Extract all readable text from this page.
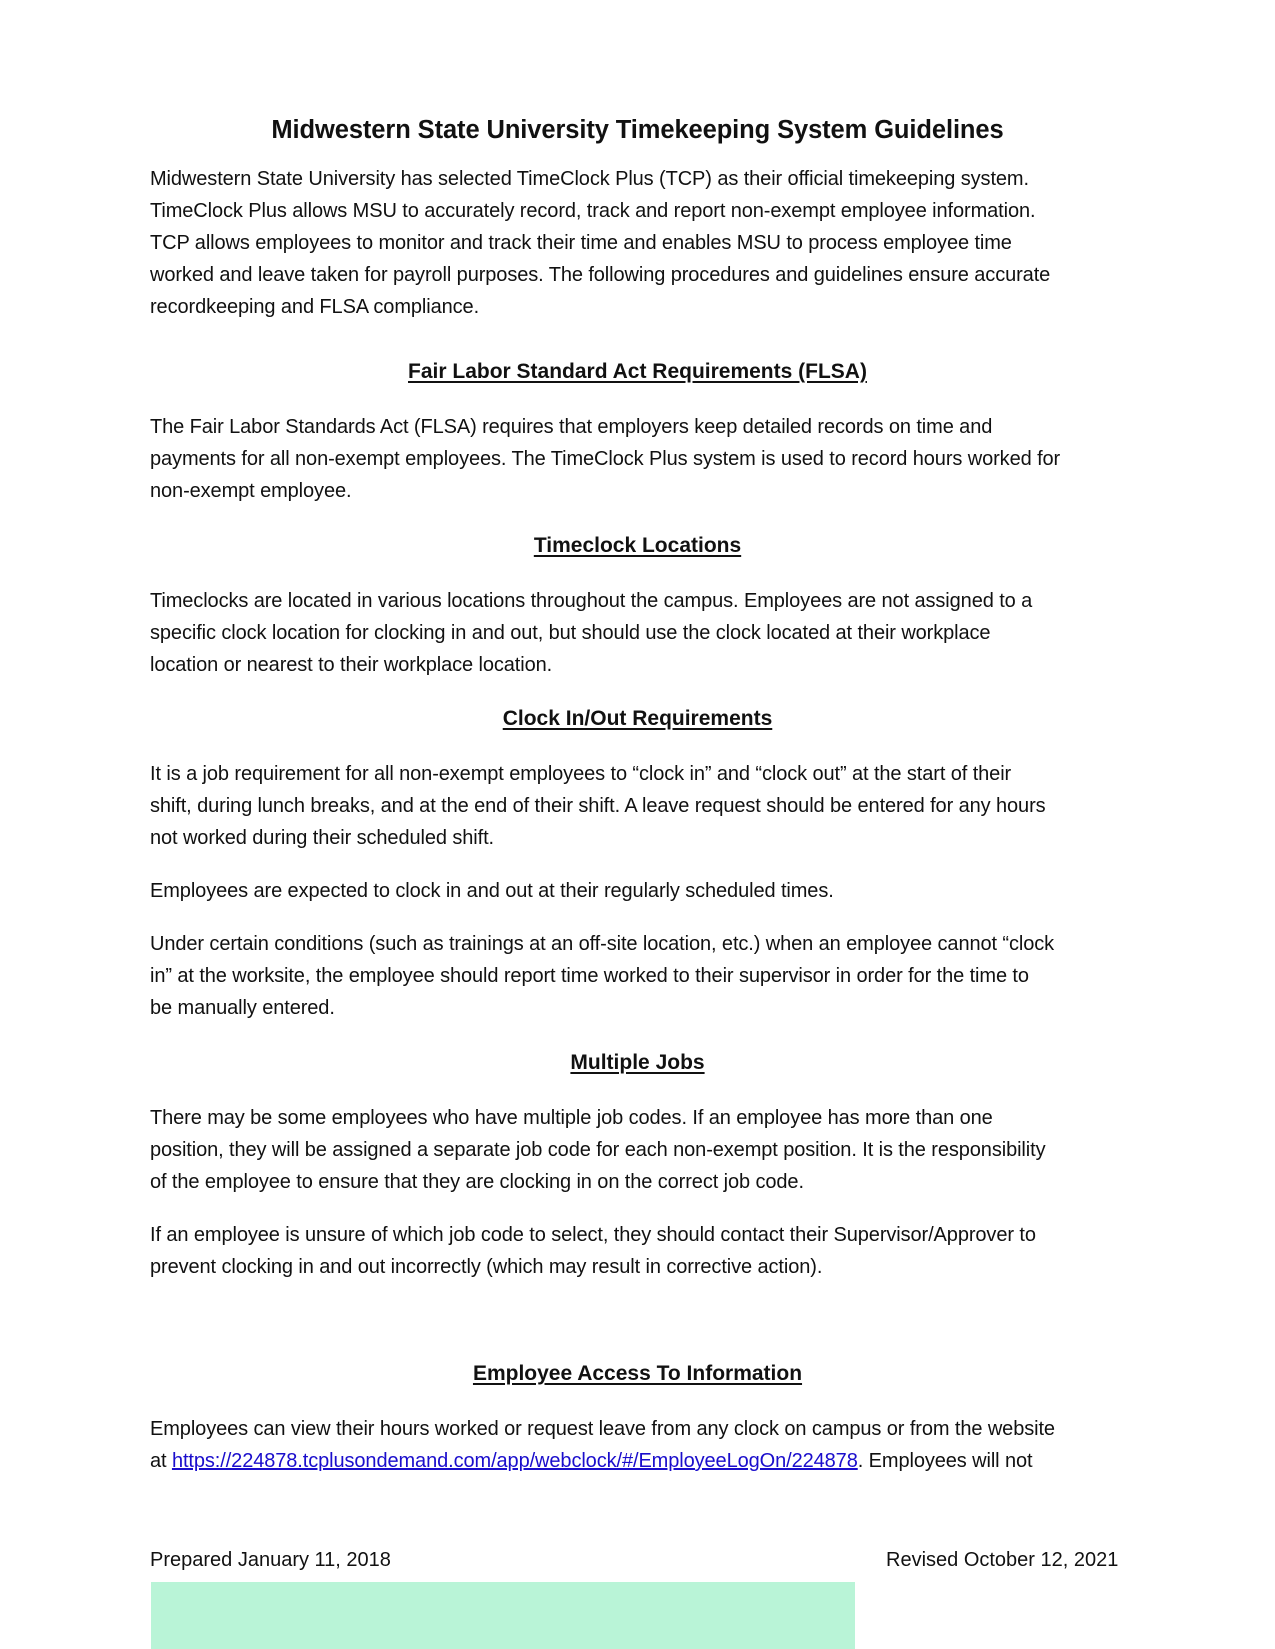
Midwestern State University Timekeeping System Guidelines
Midwestern State University has selected TimeClock Plus (TCP) as their official timekeeping system.
TimeClock Plus allows MSU to accurately record, track and report non-exempt employee information.
TCP allows employees to monitor and track their time and enables MSU to process employee time
worked and leave taken for payroll purposes. The following procedures and guidelines ensure accurate
recordkeeping and FLSA compliance.
Fair Labor Standard Act Requirements (FLSA)
The Fair Labor Standards Act (FLSA) requires that employers keep detailed records on time and
payments for all non-exempt employees. The TimeClock Plus system is used to record hours worked for
non-exempt employee.
Timeclock Locations
Timeclocks are located in various locations throughout the campus. Employees are not assigned to a
specific clock location for clocking in and out, but should use the clock located at their workplace
location or nearest to their workplace location.
Clock In/Out Requirements
It is a job requirement for all non-exempt employees to “clock in” and “clock out” at the start of their
shift, during lunch breaks, and at the end of their shift. A leave request should be entered for any hours
not worked during their scheduled shift.
Employees are expected to clock in and out at their regularly scheduled times.
Under certain conditions (such as trainings at an off-site location, etc.) when an employee cannot “clock
in” at the worksite, the employee should report time worked to their supervisor in order for the time to
be manually entered.
Multiple Jobs
There may be some employees who have multiple job codes. If an employee has more than one
position, they will be assigned a separate job code for each non-exempt position. It is the responsibility
of the employee to ensure that they are clocking in on the correct job code.
If an employee is unsure of which job code to select, they should contact their Supervisor/Approver to
prevent clocking in and out incorrectly (which may result in corrective action).
Employee Access To Information
Employees can view their hours worked or request leave from any clock on campus or from the website
at https://224878.tcplusondemand.com/app/webclock/#/EmployeeLogOn/224878. Employees will not
Prepared January 11, 2018	Revised October 12, 2021
